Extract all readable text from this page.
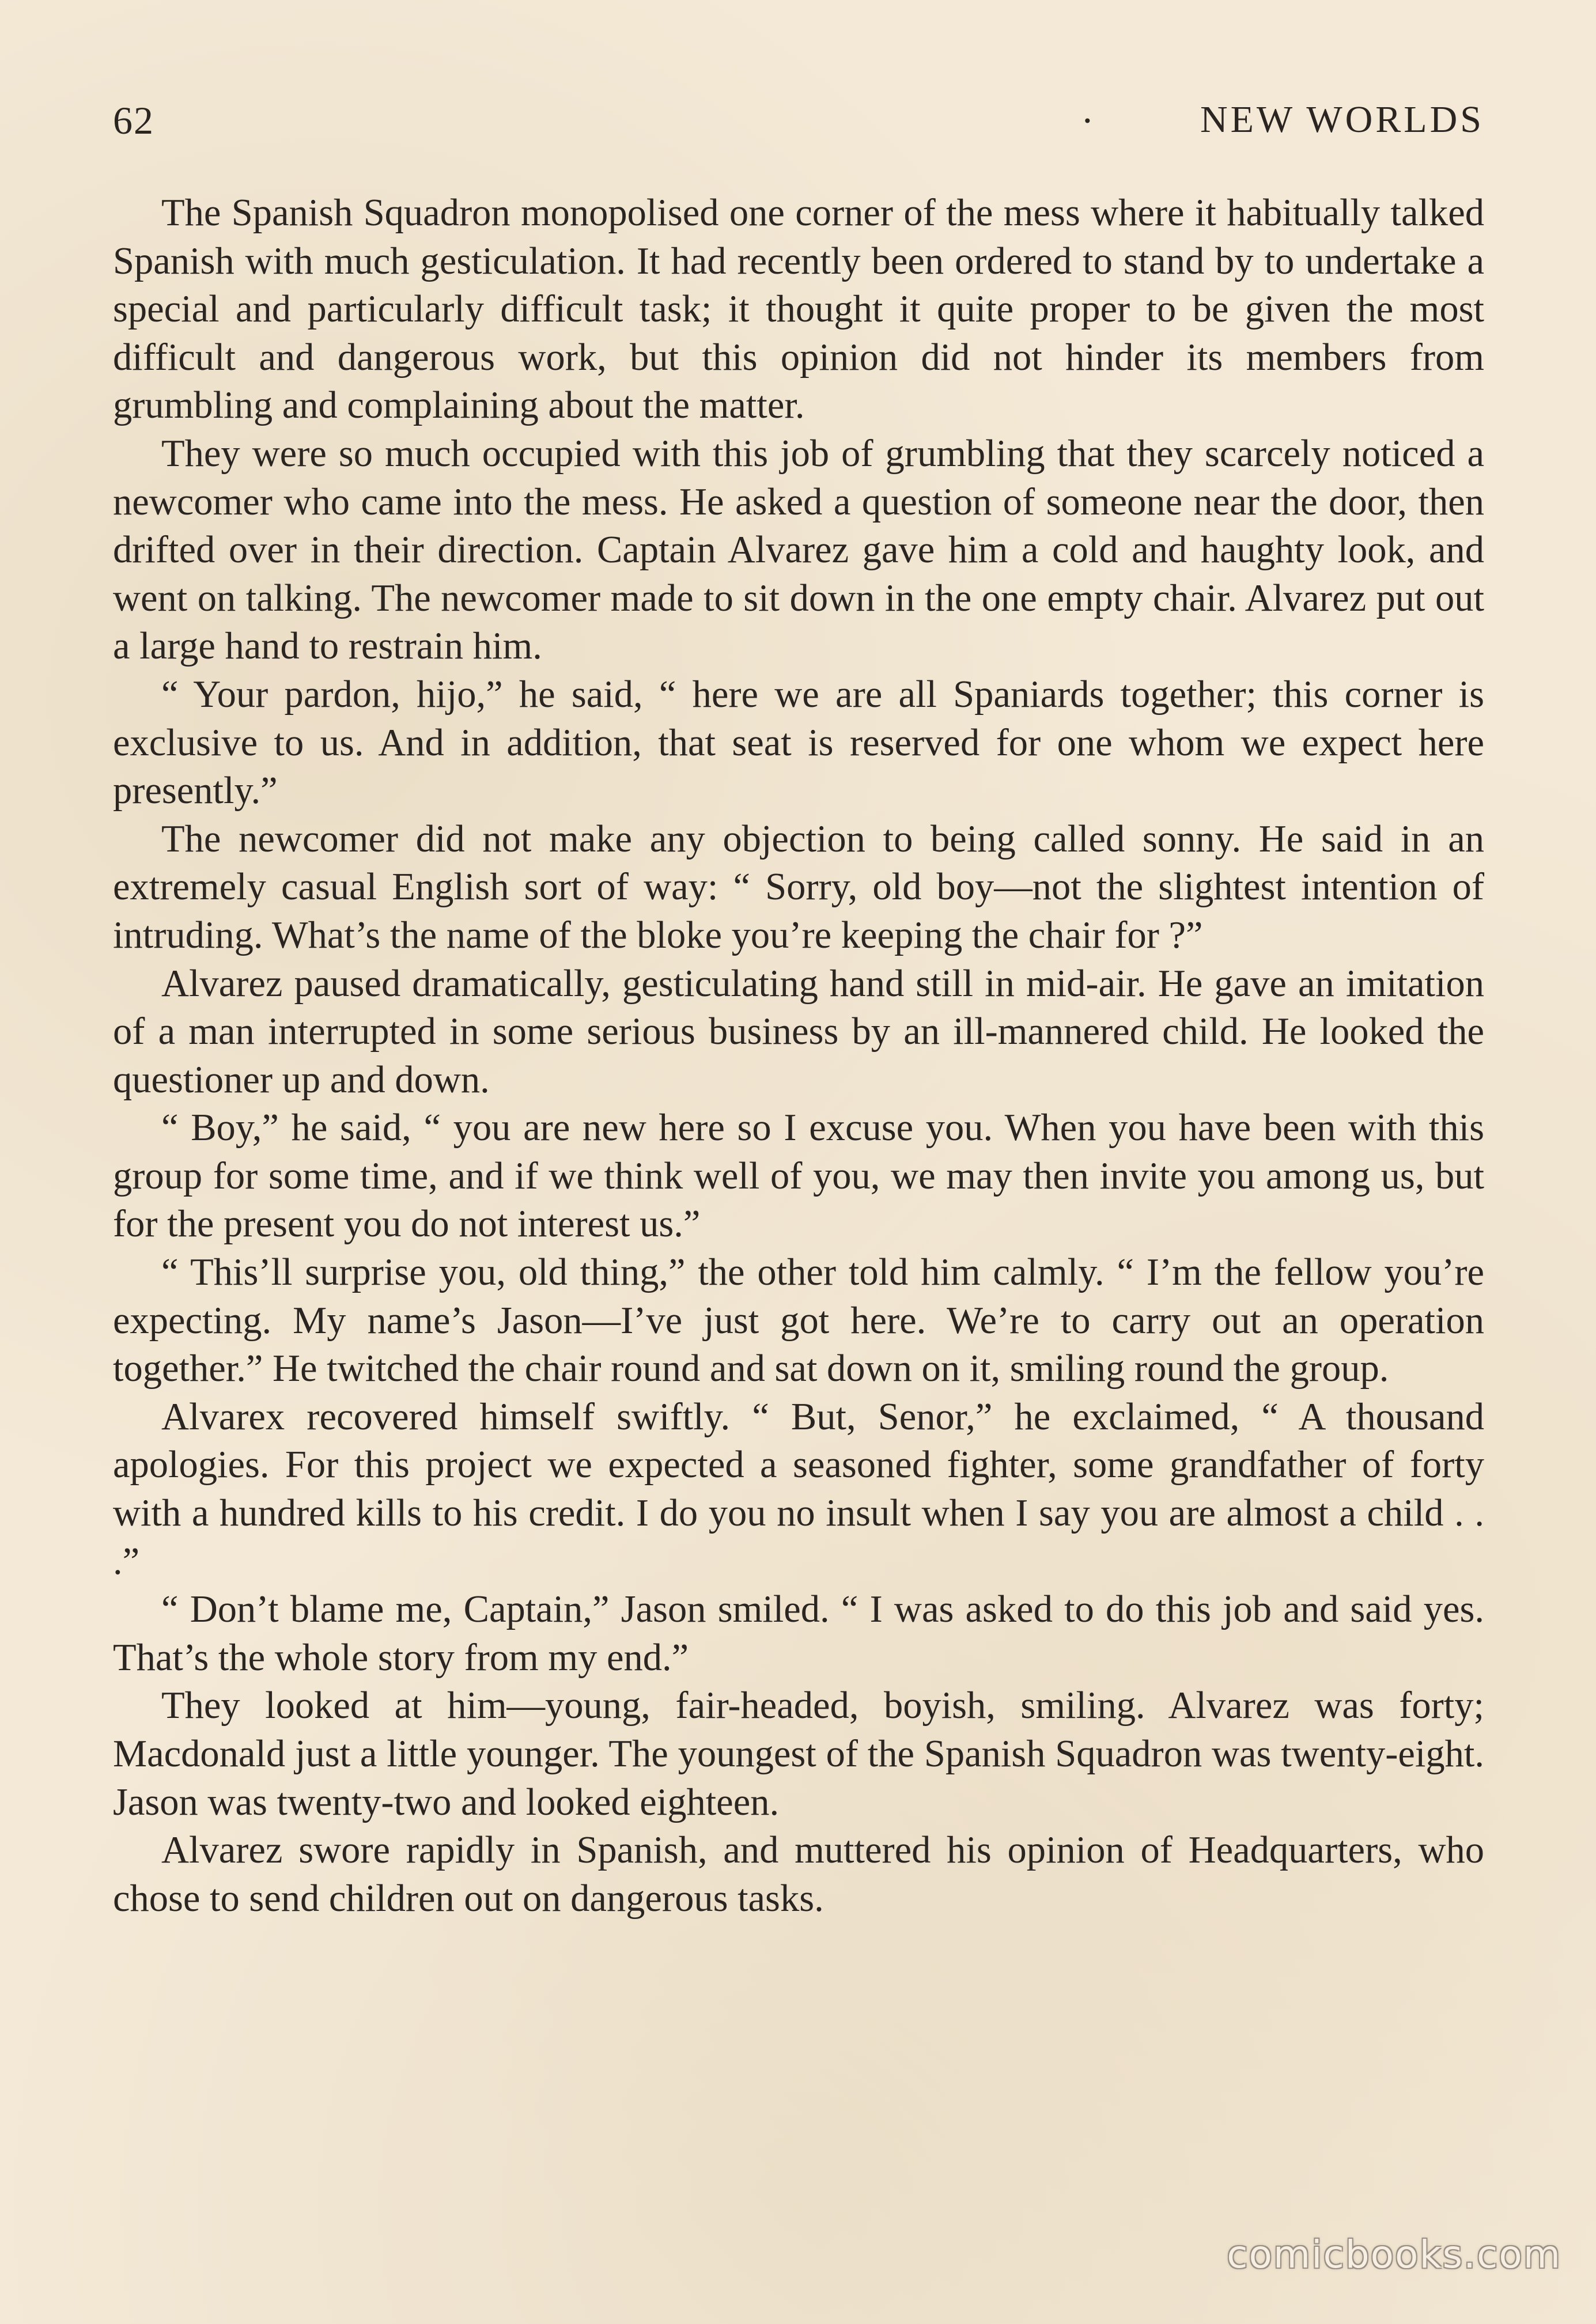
62	·	NEW WORLDS

The Spanish Squadron monopolised one corner of the mess where it habitually talked Spanish with much gesticulation. It had recently been ordered to stand by to undertake a special and particularly difficult task; it thought it quite proper to be given the most difficult and dangerous work, but this opinion did not hinder its members from grumbling and complaining about the matter.

They were so much occupied with this job of grumbling that they scarcely noticed a newcomer who came into the mess. He asked a question of someone near the door, then drifted over in their direction. Captain Alvarez gave him a cold and haughty look, and went on talking. The newcomer made to sit down in the one empty chair. Alvarez put out a large hand to restrain him.

“ Your pardon, hijo,” he said, “ here we are all Spaniards together; this corner is exclusive to us. And in addition, that seat is reserved for one whom we expect here presently.”

The newcomer did not make any objection to being called sonny. He said in an extremely casual English sort of way: “ Sorry, old boy—not the slightest intention of intruding. What’s the name of the bloke you’re keeping the chair for ?”

Alvarez paused dramatically, gesticulating hand still in mid-air. He gave an imitation of a man interrupted in some serious business by an ill-mannered child. He looked the questioner up and down.

“ Boy,” he said, “ you are new here so I excuse you. When you have been with this group for some time, and if we think well of you, we may then invite you among us, but for the present you do not interest us.”

“ This’ll surprise you, old thing,” the other told him calmly. “ I’m the fellow you’re expecting. My name’s Jason—I’ve just got here. We’re to carry out an operation together.” He twitched the chair round and sat down on it, smiling round the group.

Alvarex recovered himself swiftly. “ But, Senor,” he exclaimed, “ A thousand apologies. For this project we expected a seasoned fighter, some grandfather of forty with a hundred kills to his credit. I do you no insult when I say you are almost a child . . .”

“ Don’t blame me, Captain,” Jason smiled. “ I was asked to do this job and said yes. That’s the whole story from my end.”

They looked at him—young, fair-headed, boyish, smiling. Alvarez was forty; Macdonald just a little younger. The youngest of the Spanish Squadron was twenty-eight. Jason was twenty-two and looked eighteen.

Alvarez swore rapidly in Spanish, and muttered his opinion of Headquarters, who chose to send children out on dangerous tasks.

comicbooks.com
